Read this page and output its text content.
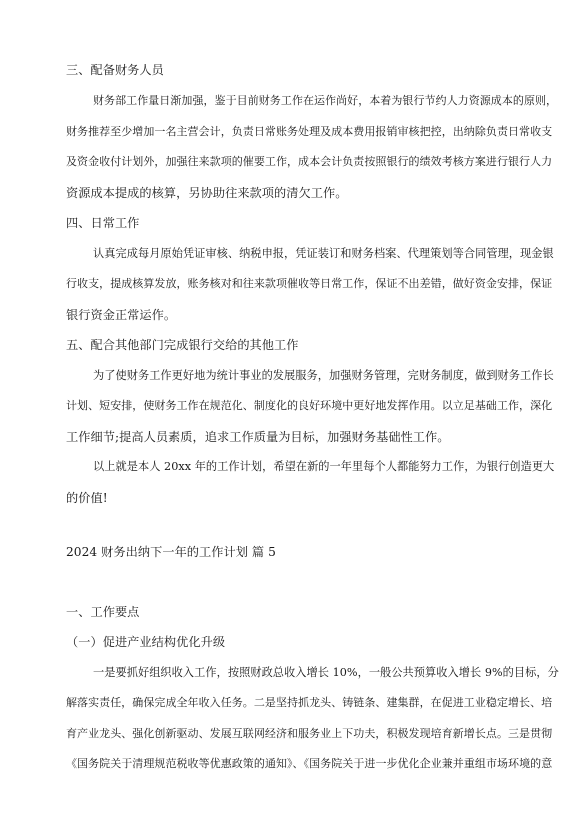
三、配备财务人员
财务部工作量日渐加强，鉴于目前财务工作在运作尚好，本着为银行节约人力资源成本的原则，
财务推荐至少增加一名主营会计，负责日常账务处理及成本费用报销审核把控，出纳除负责日常收支
及资金收付计划外，加强往来款项的催要工作，成本会计负责按照银行的绩效考核方案进行银行人力
资源成本提成的核算，另协助往来款项的清欠工作。
四、日常工作
认真完成每月原始凭证审核、纳税申报，凭证装订和财务档案、代理策划等合同管理，现金银
行收支，提成核算发放，账务核对和往来款项催收等日常工作，保证不出差错，做好资金安排，保证
银行资金正常运作。
五、配合其他部门完成银行交给的其他工作
为了使财务工作更好地为统计事业的发展服务，加强财务管理，完财务制度，做到财务工作长
计划、短安排，使财务工作在规范化、制度化的良好环境中更好地发挥作用。以立足基础工作，深化
工作细节;提高人员素质，追求工作质量为目标，加强财务基础性工作。
以上就是本人 20xx 年的工作计划，希望在新的一年里每个人都能努力工作，为银行创造更大
的价值!
2024 财务出纳下一年的工作计划 篇 5
一、工作要点
（一）促进产业结构优化升级
一是要抓好组织收入工作，按照财政总收入增长 10%，一般公共预算收入增长 9%的目标，分
解落实责任，确保完成全年收入任务。二是坚持抓龙头、铸链条、建集群，在促进工业稳定增长、培
育产业龙头、强化创新驱动、发展互联网经济和服务业上下功夫，积极发现培育新增长点。三是贯彻
《国务院关于清理规范税收等优惠政策的通知》、《国务院关于进一步优化企业兼并重组市场环境的意
